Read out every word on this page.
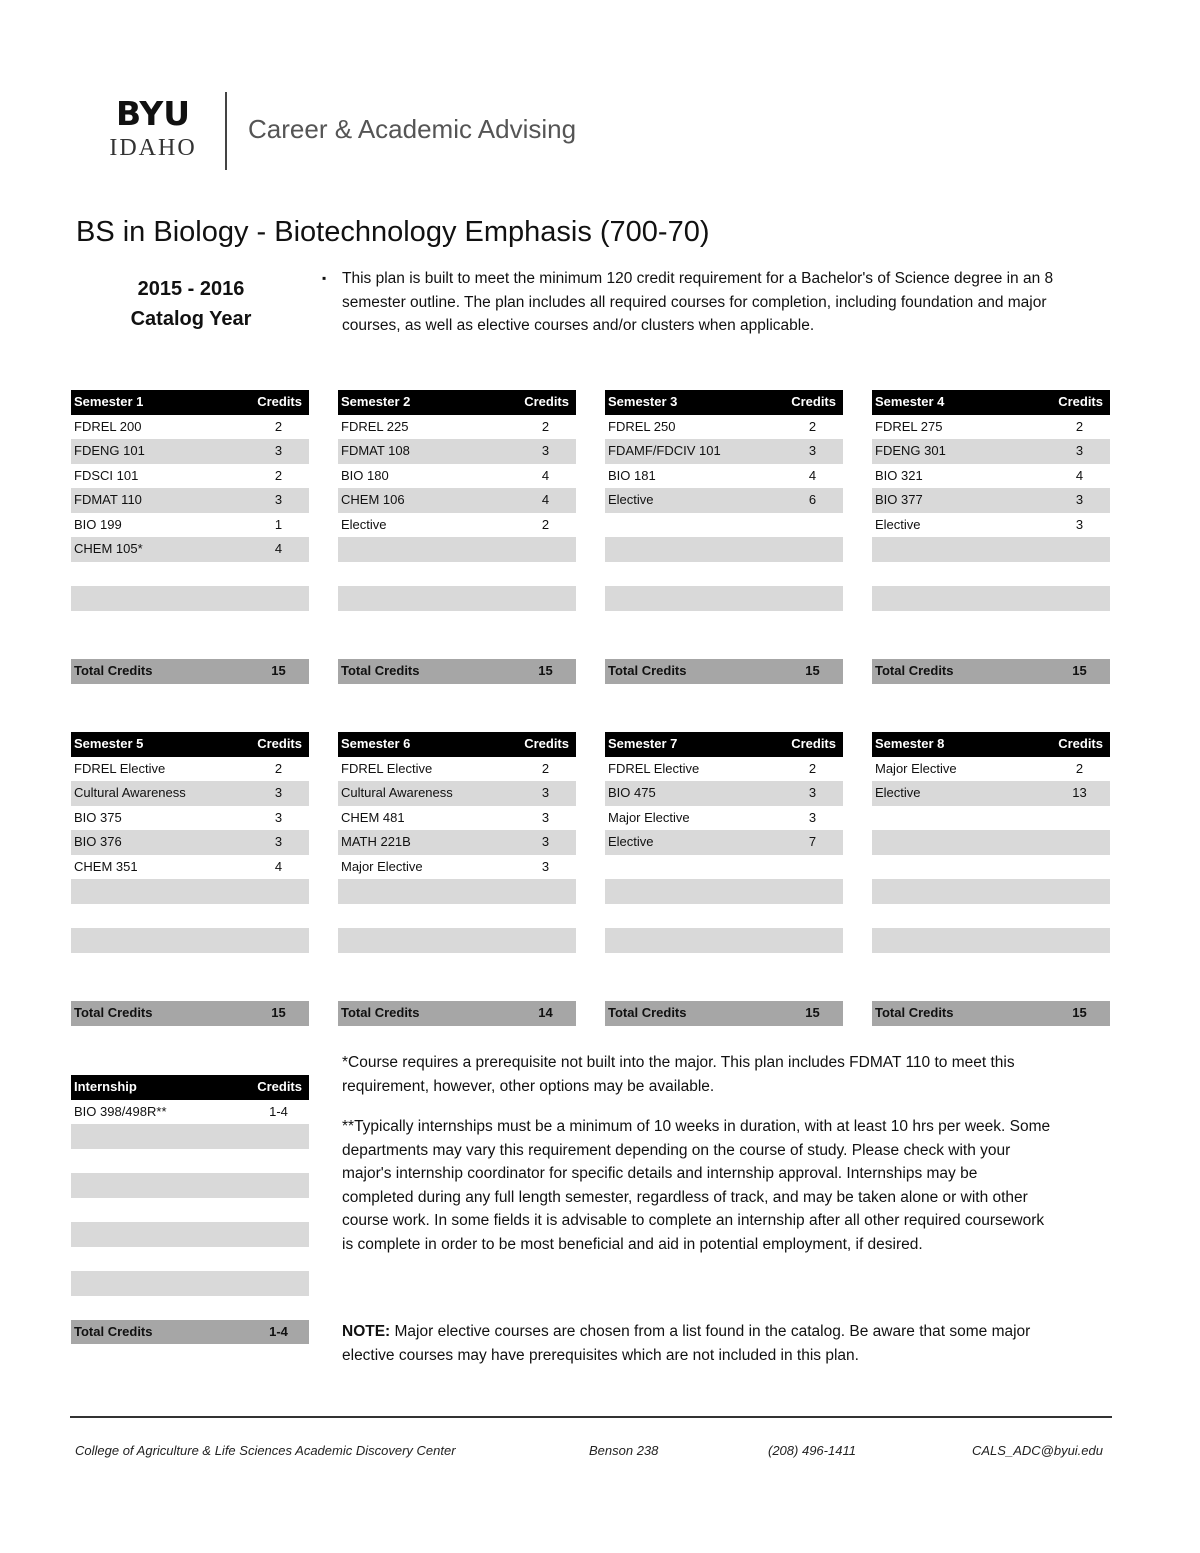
BYU
IDAHO
Career & Academic Advising
BS in Biology - Biotechnology Emphasis (700-70)
2015 - 2016
Catalog Year
▪ This plan is built to meet the minimum 120 credit requirement for a Bachelor's of Science degree in an 8 semester outline. The plan includes all required courses for completion, including foundation and major courses, as well as elective courses and/or clusters when applicable.
Semester 1	Credits
FDREL 200	2
FDENG 101	3
FDSCI 101	2
FDMAT 110	3
BIO 199	1
CHEM 105*	4
Total Credits	15
Semester 2	Credits
FDREL 225	2
FDMAT 108	3
BIO 180	4
CHEM 106	4
Elective	2
Total Credits	15
Semester 3	Credits
FDREL 250	2
FDAMF/FDCIV 101	3
BIO 181	4
Elective	6
Total Credits	15
Semester 4	Credits
FDREL 275	2
FDENG 301	3
BIO 321	4
BIO 377	3
Elective	3
Total Credits	15
Semester 5	Credits
FDREL Elective	2
Cultural Awareness	3
BIO 375	3
BIO 376	3
CHEM 351	4
Total Credits	15
Semester 6	Credits
FDREL Elective	2
Cultural Awareness	3
CHEM 481	3
MATH 221B	3
Major Elective	3
Total Credits	14
Semester 7	Credits
FDREL Elective	2
BIO 475	3
Major Elective	3
Elective	7
Total Credits	15
Semester 8	Credits
Major Elective	2
Elective	13
Total Credits	15
Internship	Credits
BIO 398/498R**	1-4
Total Credits	1-4
*Course requires a prerequisite not built into the major. This plan includes FDMAT 110 to meet this requirement, however, other options may be available.
**Typically internships must be a minimum of 10 weeks in duration, with at least 10 hrs per week. Some departments may vary this requirement depending on the course of study. Please check with your major's internship coordinator for specific details and internship approval. Internships may be completed during any full length semester, regardless of track, and may be taken alone or with other course work. In some fields it is advisable to complete an internship after all other required coursework is complete in order to be most beneficial and aid in potential employment, if desired.
NOTE: Major elective courses are chosen from a list found in the catalog. Be aware that some major elective courses may have prerequisites which are not included in this plan.
College of Agriculture & Life Sciences Academic Discovery Center	Benson 238	(208) 496-1411	CALS_ADC@byui.edu
